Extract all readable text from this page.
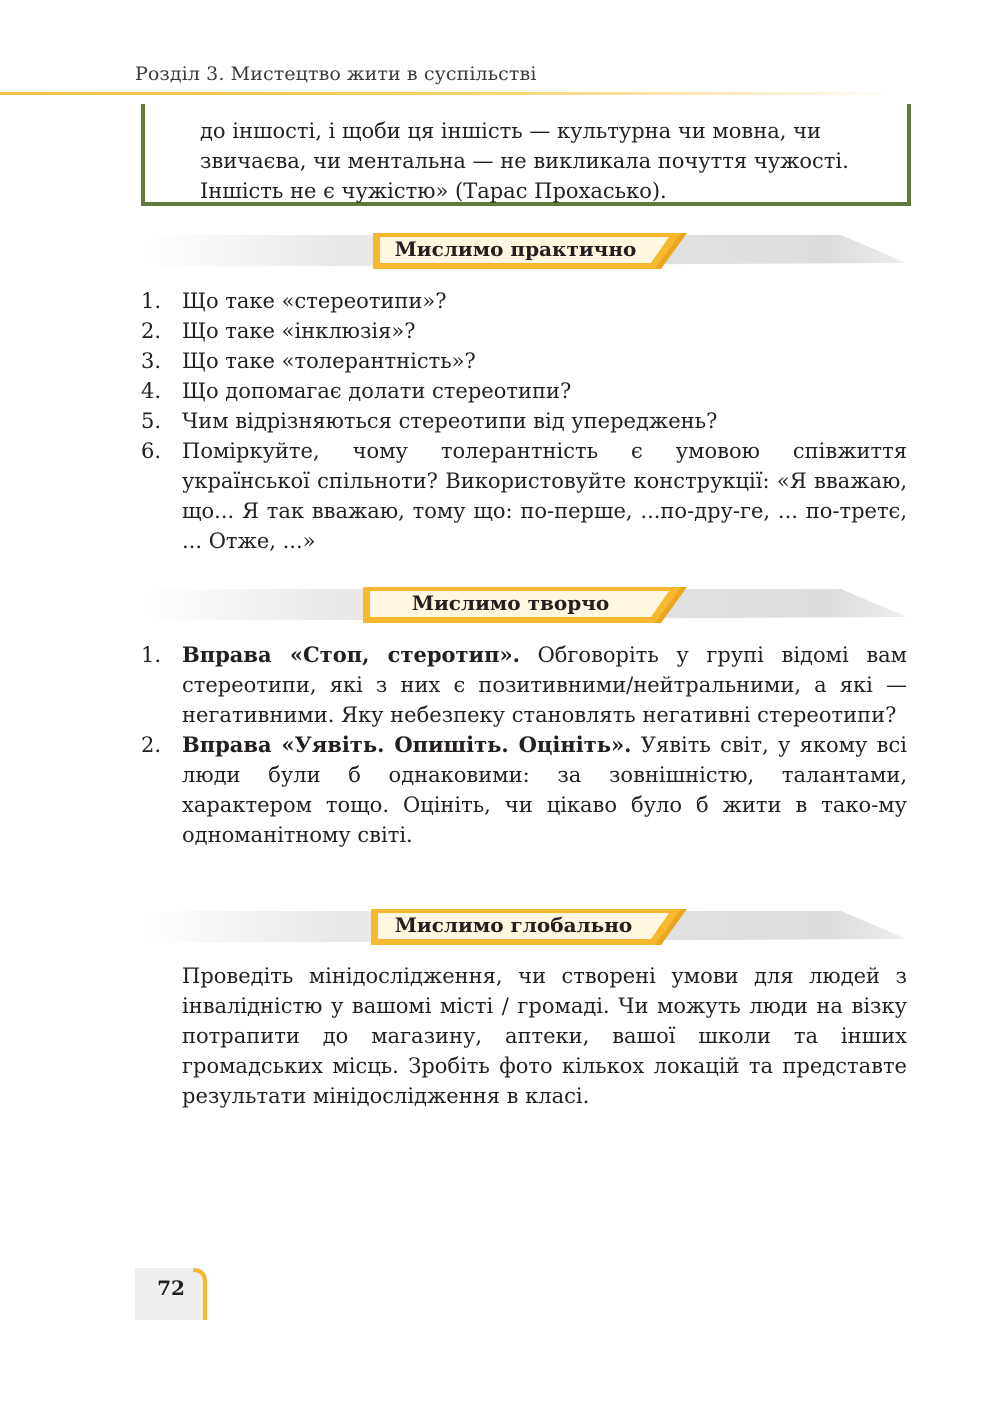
Розділ 3. Мистецтво жити в суспільстві
до іншості, і щоби ця іншість — культурна чи мовна, чи
звичаєва, чи ментальна — не викликала почуття чужості.
Іншість не є чужістю» (Тарас Прохасько).
Мислимо практично
1. Що таке «стереотипи»?
2. Що таке «інклюзія»?
3. Що таке «толерантність»?
4. Що допомагає долати стереотипи?
5. Чим відрізняються стереотипи від упереджень?
6. Поміркуйте, чому толерантність є умовою співжиття української спільноти? Використовуйте конструкції: «Я вважаю, що... Я так вважаю, тому що: по-перше, ...по-дру-ге, ... по-третє, ... Отже, ...»
Мислимо творчо
1. Вправа «Стоп, стеротип». Обговоріть у групі відомі вам стереотипи, які з них є позитивними/нейтральними, а які — негативними. Яку небезпеку становлять негативні стереотипи?
2. Вправа «Уявіть. Опишіть. Оцініть». Уявіть світ, у якому всі люди були б однаковими: за зовнішністю, талантами, характером тощо. Оцініть, чи цікаво було б жити в тако-му одноманітному світі.
Мислимо глобально
Проведіть мінідослідження, чи створені умови для людей з інвалідністю у вашомі місті / громаді. Чи можуть люди на візку потрапити до магазину, аптеки, вашої школи та інших громадських місць. Зробіть фото кількох локацій та представте результати мінідослідження в класі.
72
